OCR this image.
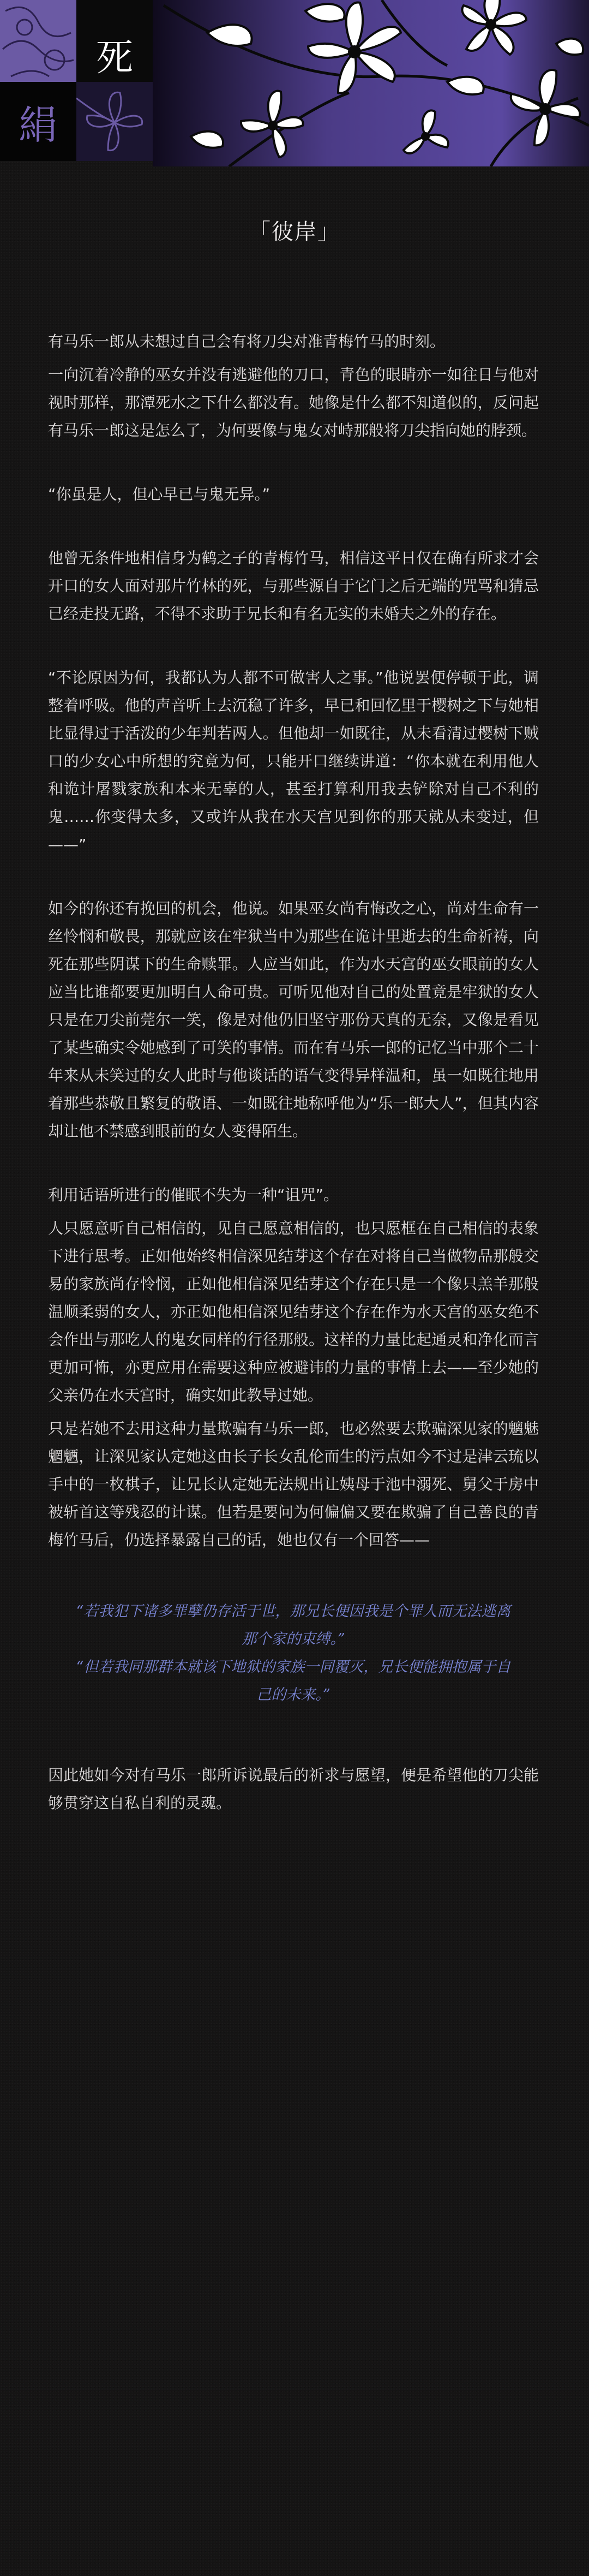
死
絹
「彼岸」

有马乐一郎从未想过自己会有将刀尖对准青梅竹马的时刻。

一向沉着冷静的巫女并没有逃避他的刀口，青色的眼睛亦一如往日与他对视时那样，那潭死水之下什么都没有。她像是什么都不知道似的，反问起有马乐一郎这是怎么了，为何要像与鬼女对峙那般将刀尖指向她的脖颈。

“你虽是人，但心早已与鬼无异。”

他曾无条件地相信身为鹤之子的青梅竹马，相信这平日仅在确有所求才会开口的女人面对那片竹林的死，与那些源自于它门之后无端的咒骂和猜忌已经走投无路，不得不求助于兄长和有名无实的未婚夫之外的存在。

“不论原因为何，我都认为人都不可做害人之事。”他说罢便停顿于此，调整着呼吸。他的声音听上去沉稳了许多，早已和回忆里于樱树之下与她相比显得过于活泼的少年判若两人。但他却一如既往，从未看清过樱树下贼口的少女心中所想的究竟为何，只能开口继续讲道：“你本就在利用他人和诡计屠戮家族和本来无辜的人，甚至打算利用我去铲除对自己不利的鬼……你变得太多，又或许从我在水天宫见到你的那天就从未变过，但——”

如今的你还有挽回的机会，他说。如果巫女尚有悔改之心，尚对生命有一丝怜悯和敬畏，那就应该在牢狱当中为那些在诡计里逝去的生命祈祷，向死在那些阴谋下的生命赎罪。人应当如此，作为水天宫的巫女眼前的女人应当比谁都要更加明白人命可贵。可听见他对自己的处置竟是牢狱的女人只是在刀尖前莞尔一笑，像是对他仍旧坚守那份天真的无奈，又像是看见了某些确实令她感到了可笑的事情。而在有马乐一郎的记忆当中那个二十年来从未笑过的女人此时与他谈话的语气变得异样温和，虽一如既往地用着那些恭敬且繁复的敬语、一如既往地称呼他为“乐一郎大人”，但其内容却让他不禁感到眼前的女人变得陌生。

利用话语所进行的催眠不失为一种“诅咒”。

人只愿意听自己相信的，见自己愿意相信的，也只愿框在自己相信的表象下进行思考。正如他始终相信深见结芽这个存在对将自己当做物品那般交易的家族尚存怜悯，正如他相信深见结芽这个存在只是一个像只羔羊那般温顺柔弱的女人，亦正如他相信深见结芽这个存在作为水天宫的巫女绝不会作出与那吃人的鬼女同样的行径那般。这样的力量比起通灵和净化而言更加可怖，亦更应用在需要这种应被避讳的力量的事情上去——至少她的父亲仍在水天宫时，确实如此教导过她。

只是若她不去用这种力量欺骗有马乐一郎，也必然要去欺骗深见家的魑魅魍魉，让深见家认定她这由长子长女乱伦而生的污点如今不过是津云琉以手中的一枚棋子，让兄长认定她无法规出让姨母于池中溺死、舅父于房中被斩首这等残忍的计谋。但若是要问为何偏偏又要在欺骗了自己善良的青梅竹马后，仍选择暴露自己的话，她也仅有一个回答——

“若我犯下诸多罪孽仍存活于世，那兄长便因我是个罪人而无法逃离那个家的束缚。”

“但若我同那群本就该下地狱的家族一同覆灭，兄长便能拥抱属于自己的未来。”

因此她如今对有马乐一郎所诉说最后的祈求与愿望，便是希望他的刀尖能够贯穿这自私自利的灵魂。
